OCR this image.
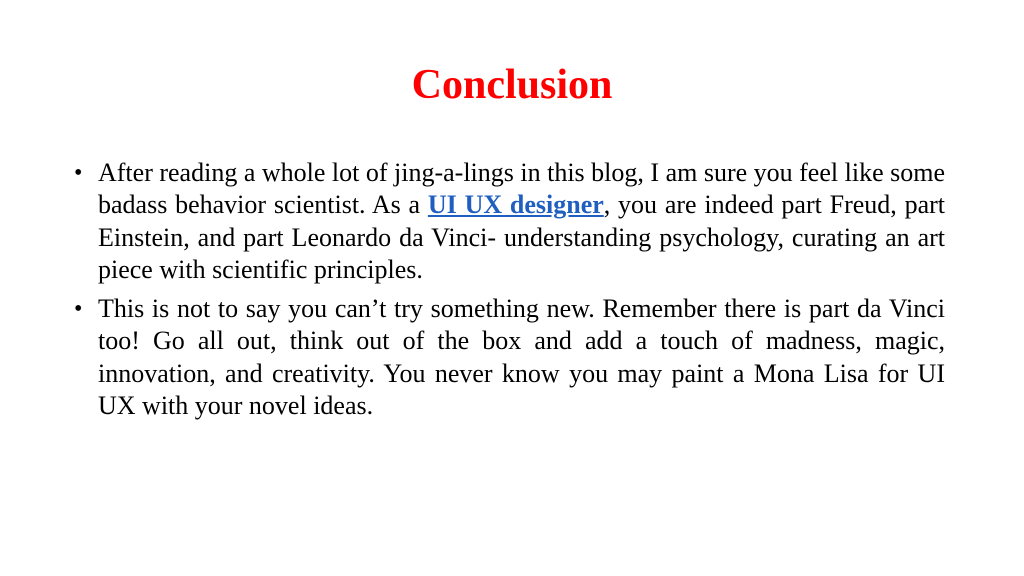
Conclusion
• After reading a whole lot of jing-a-lings in this blog, I am sure you feel like some badass behavior scientist. As a UI UX designer, you are indeed part Freud, part Einstein, and part Leonardo da Vinci- understanding psychology, curating an art piece with scientific principles.
• This is not to say you can’t try something new. Remember there is part da Vinci too! Go all out, think out of the box and add a touch of madness, magic, innovation, and creativity. You never know you may paint a Mona Lisa for UI UX with your novel ideas.
